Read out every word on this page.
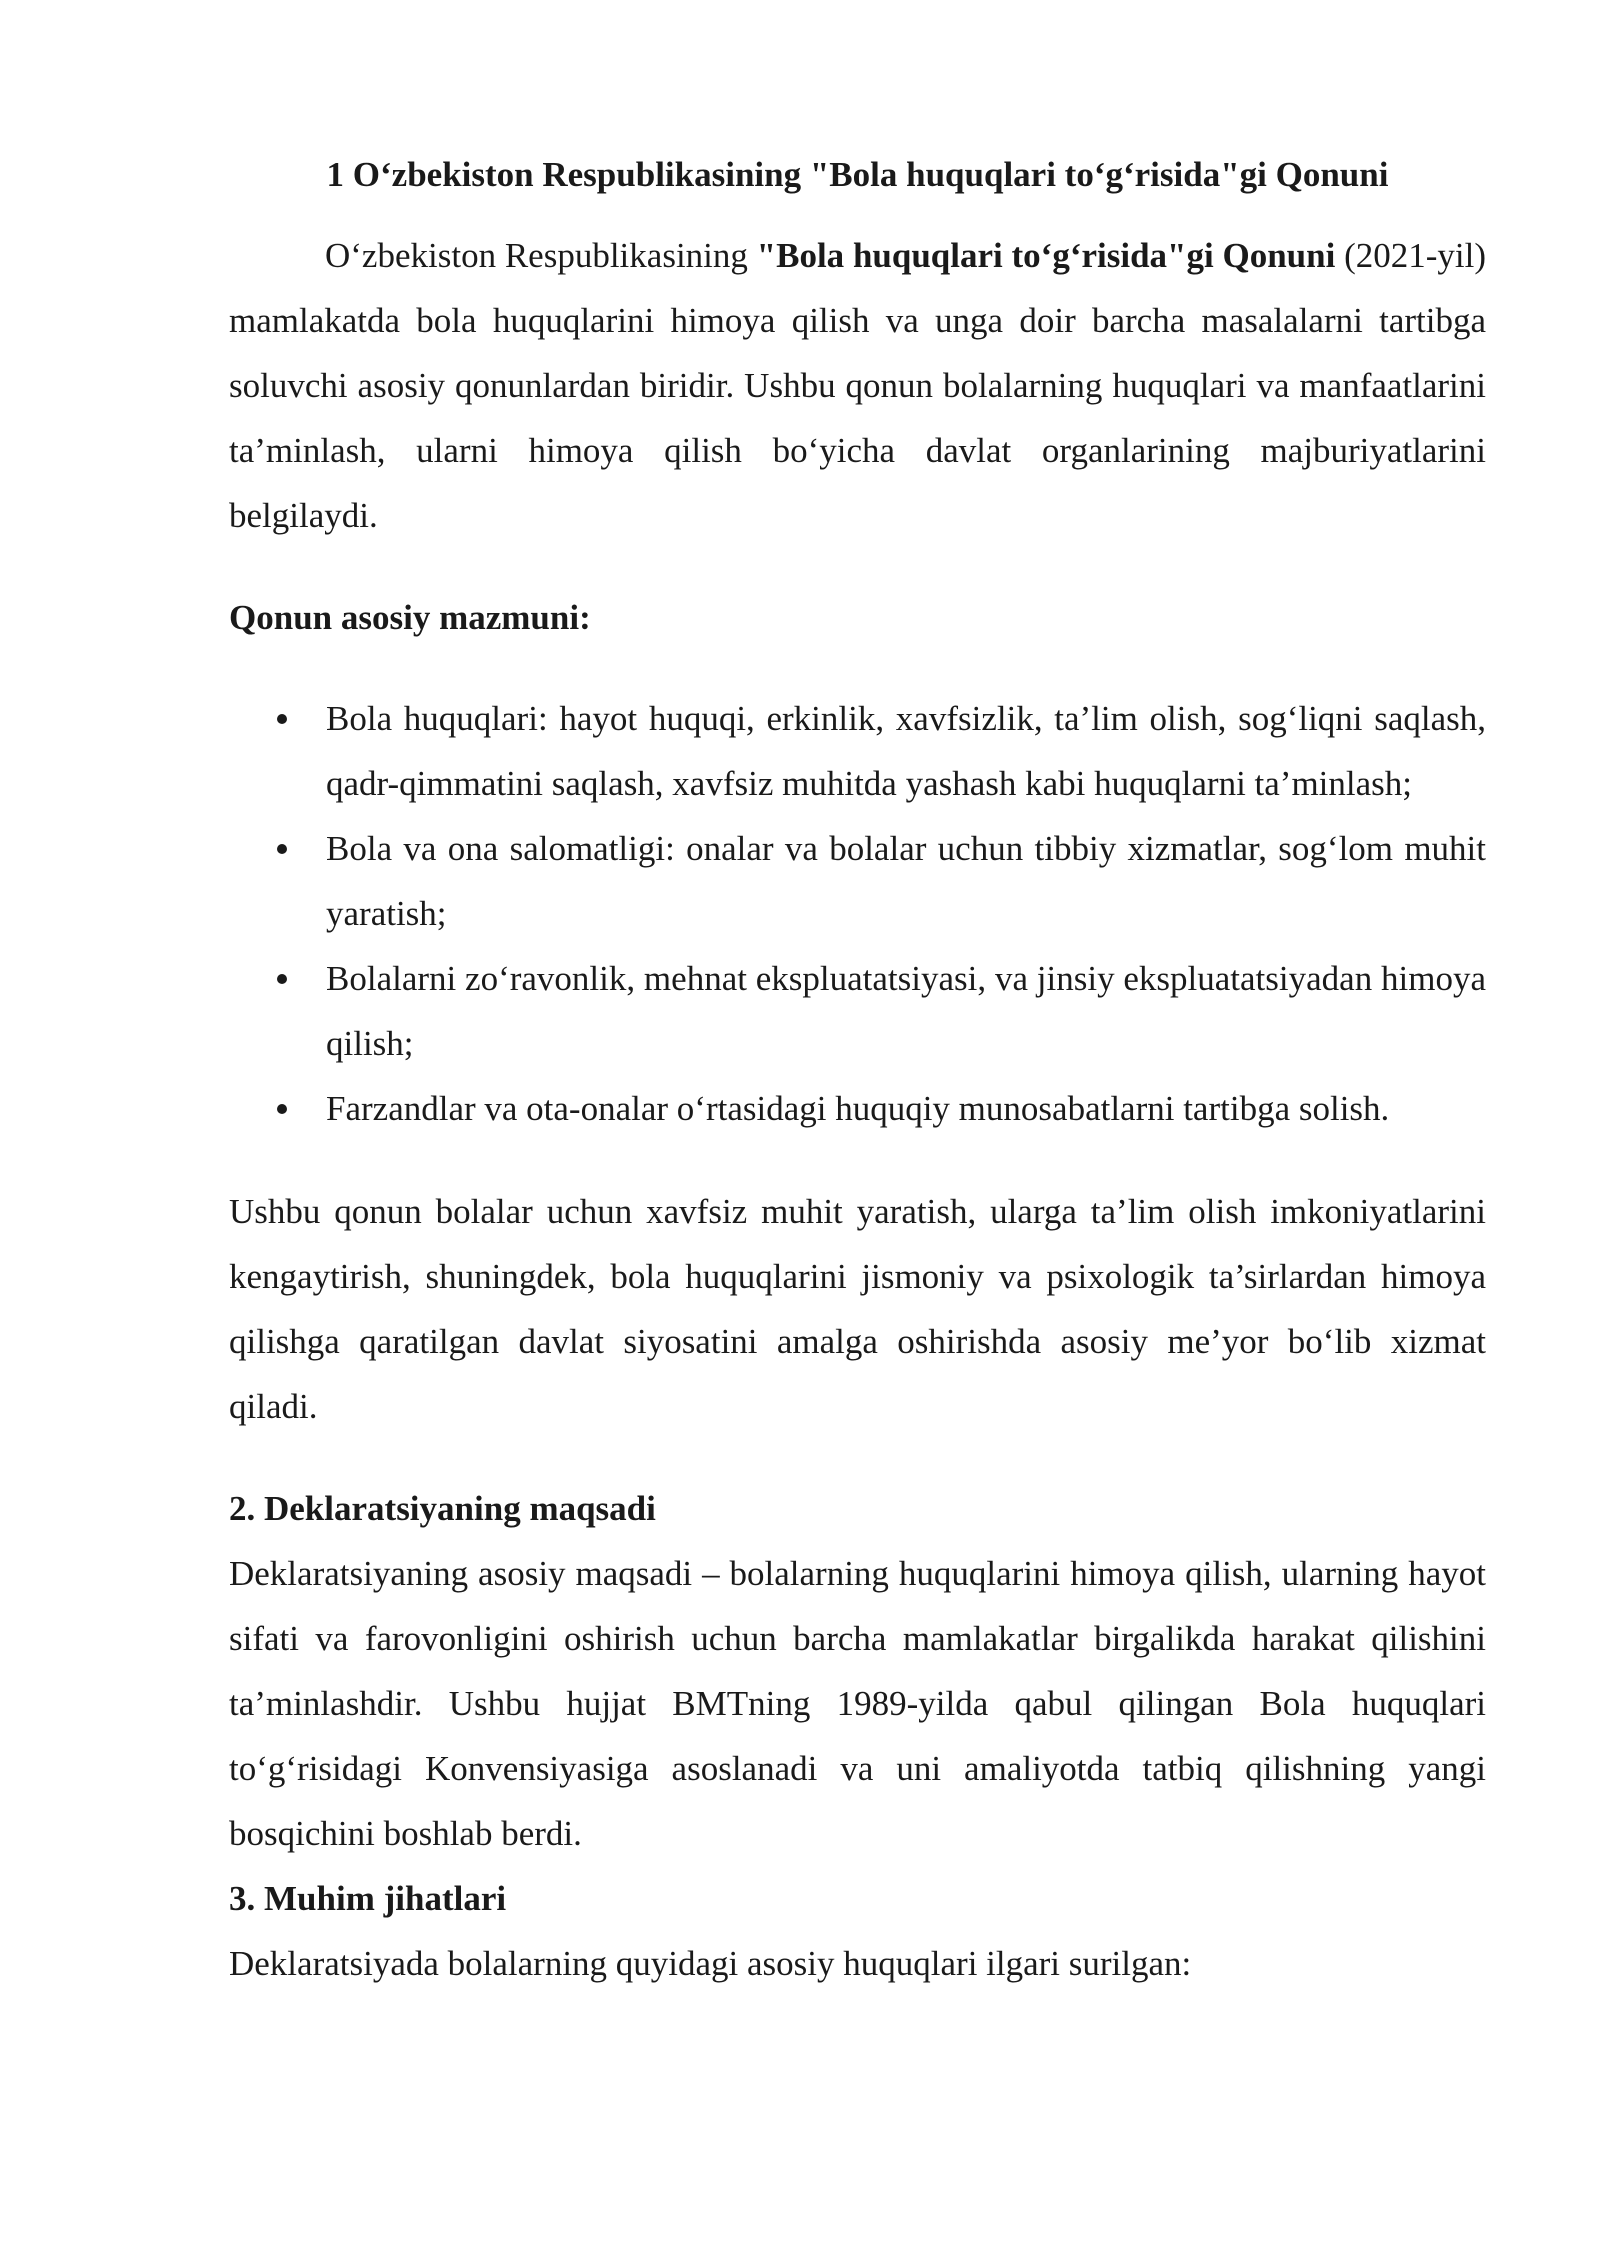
1 O‘zbekiston Respublikasining "Bola huquqlari to‘g‘risida"gi Qonuni

O‘zbekiston Respublikasining "Bola huquqlari to‘g‘risida"gi Qonuni (2021-yil) mamlakatda bola huquqlarini himoya qilish va unga doir barcha masalalarni tartibga soluvchi asosiy qonunlardan biridir. Ushbu qonun bolalarning huquqlari va manfaatlarini ta’minlash, ularni himoya qilish bo‘yicha davlat organlarining majburiyatlarini belgilaydi.

Qonun asosiy mazmuni:

Bola huquqlari: hayot huquqi, erkinlik, xavfsizlik, ta’lim olish, sog‘liqni saqlash, qadr-qimmatini saqlash, xavfsiz muhitda yashash kabi huquqlarni ta’minlash;
Bola va ona salomatligi: onalar va bolalar uchun tibbiy xizmatlar, sog‘lom muhit yaratish;
Bolalarni zo‘ravonlik, mehnat ekspluatatsiyasi, va jinsiy ekspluatatsiyadan himoya qilish;
Farzandlar va ota-onalar o‘rtasidagi huquqiy munosabatlarni tartibga solish.

Ushbu qonun bolalar uchun xavfsiz muhit yaratish, ularga ta’lim olish imkoniyatlarini kengaytirish, shuningdek, bola huquqlarini jismoniy va psixologik ta’sirlardan himoya qilishga qaratilgan davlat siyosatini amalga oshirishda asosiy me’yor bo‘lib xizmat qiladi.

2. Deklaratsiyaning maqsadi

Deklaratsiyaning asosiy maqsadi – bolalarning huquqlarini himoya qilish, ularning hayot sifati va farovonligini oshirish uchun barcha mamlakatlar birgalikda harakat qilishini ta’minlashdir. Ushbu hujjat BMTning 1989-yilda qabul qilingan Bola huquqlari to‘g‘risidagi Konvensiyasiga asoslanadi va uni amaliyotda tatbiq qilishning yangi bosqichini boshlab berdi.

3. Muhim jihatlari

Deklaratsiyada bolalarning quyidagi asosiy huquqlari ilgari surilgan:
